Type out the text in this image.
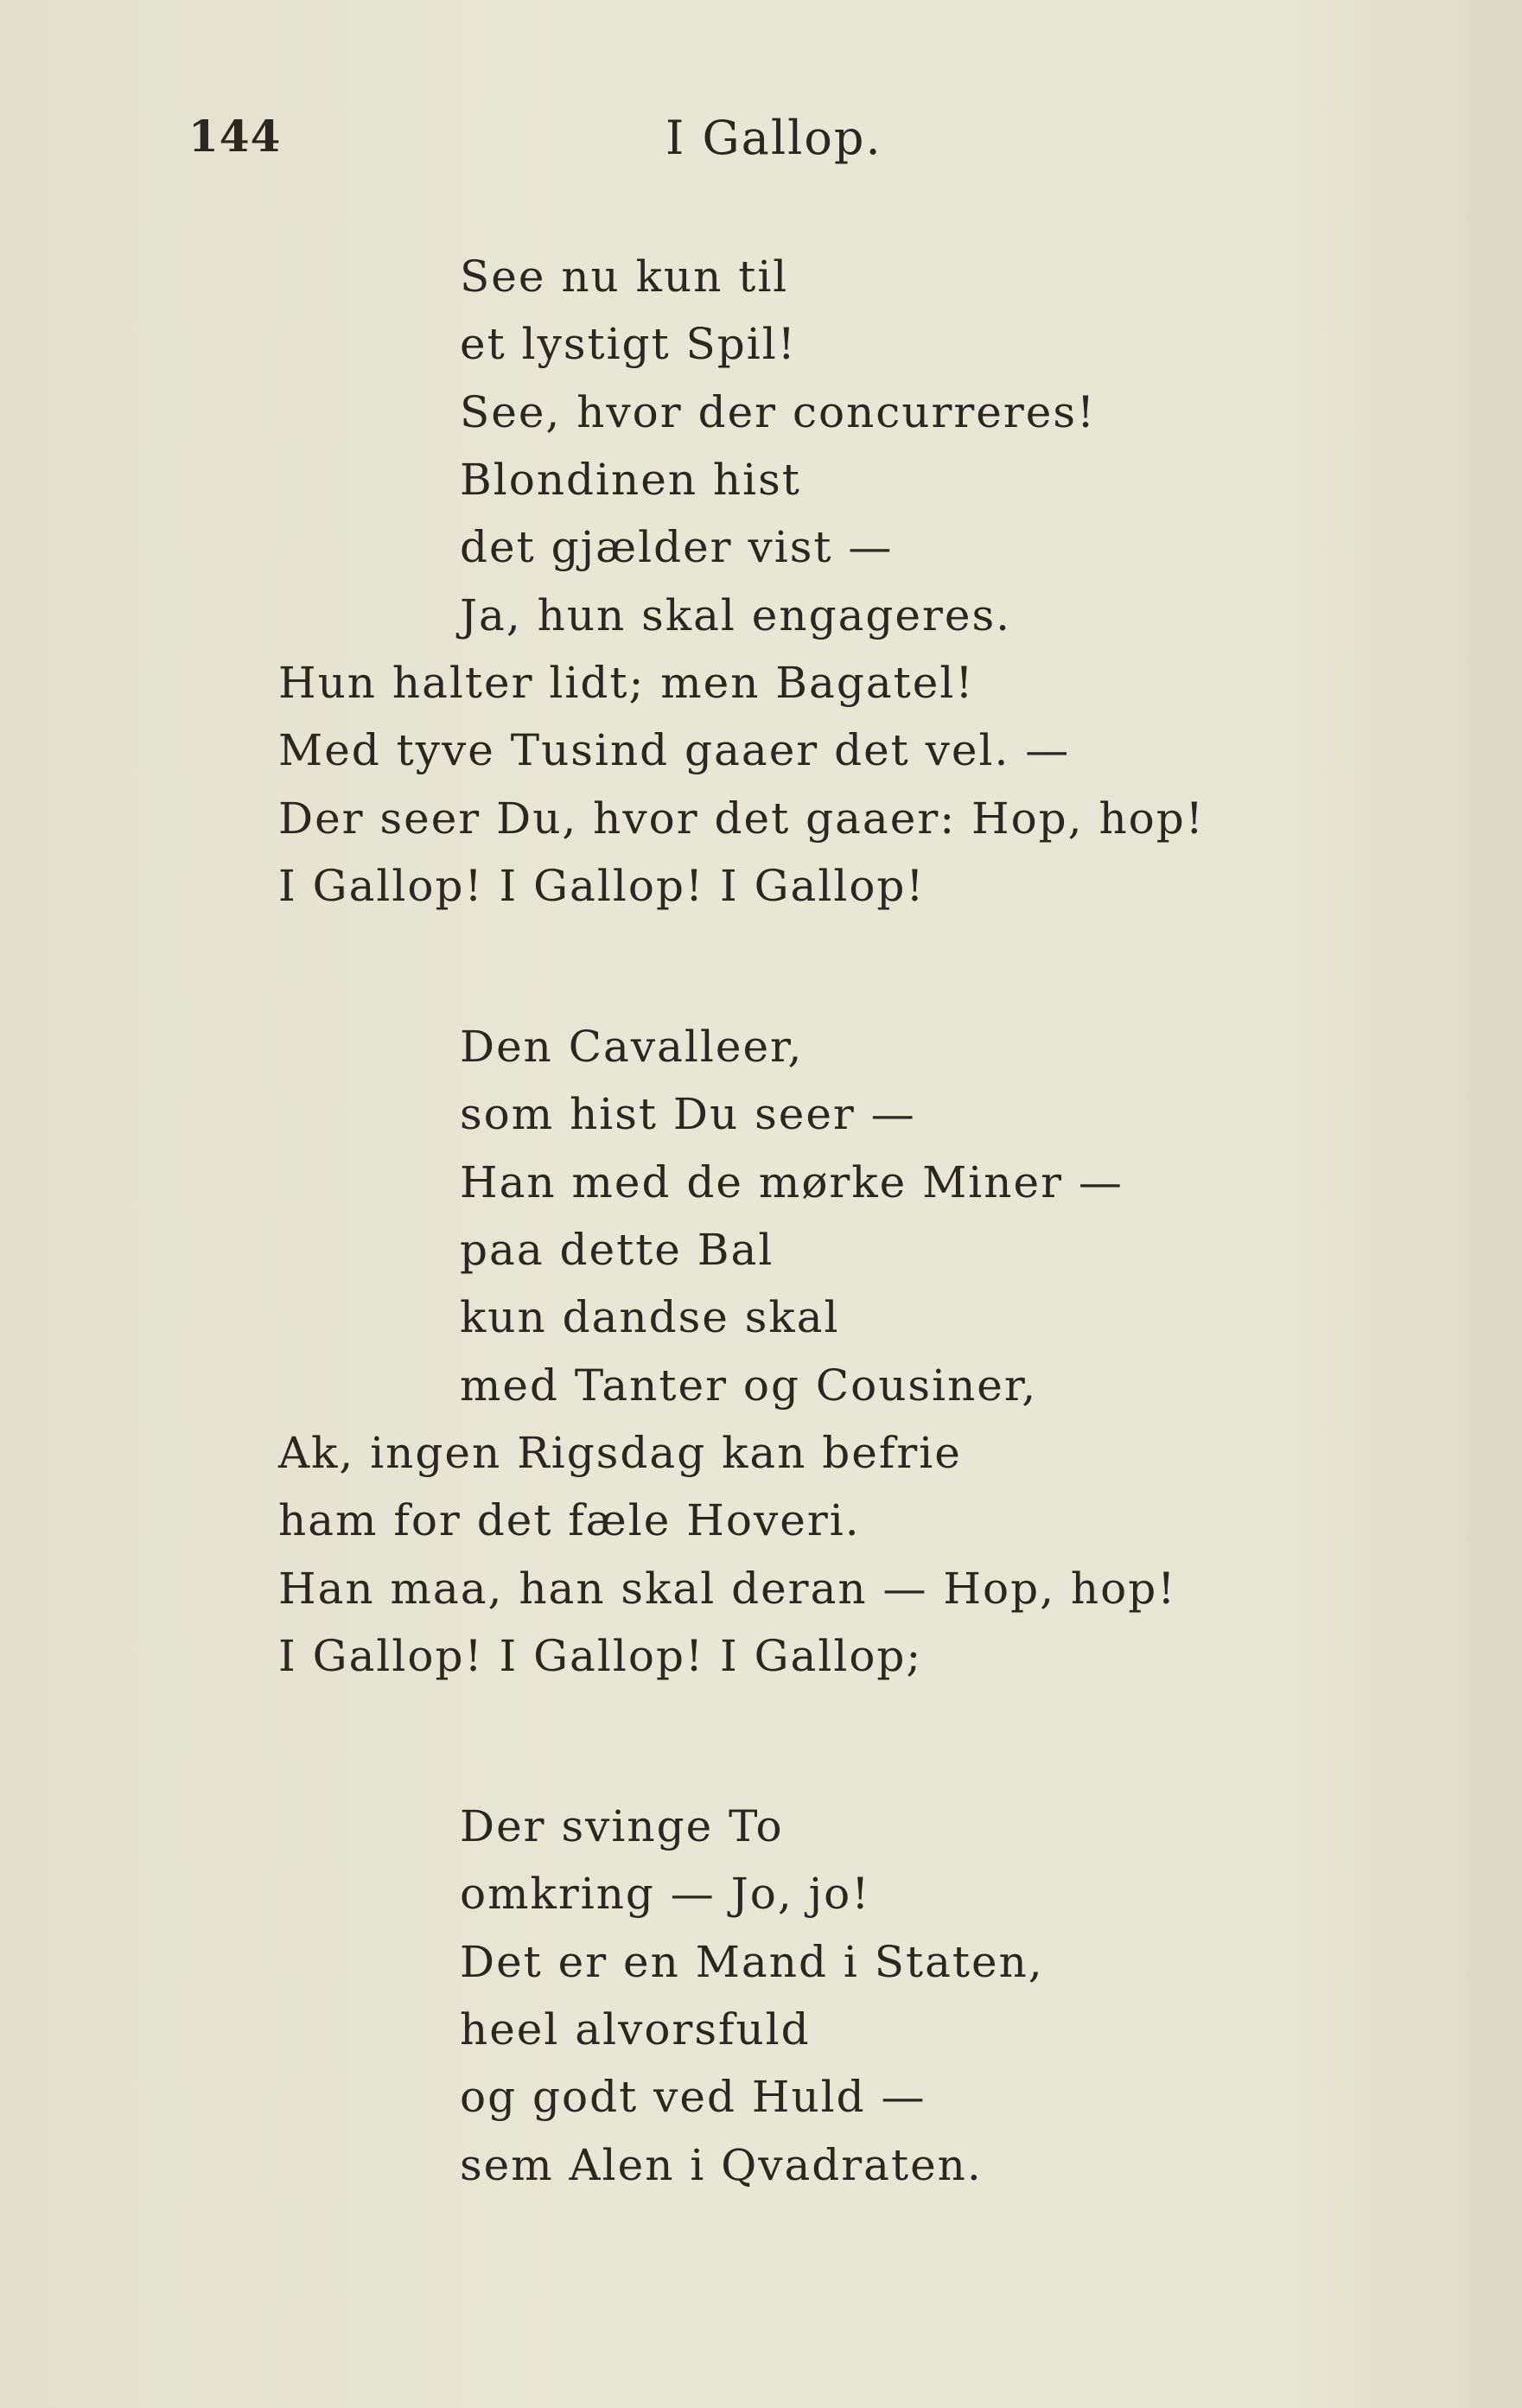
144	I Gallop.
See nu kun til
et lystigt Spil!
See, hvor der concurreres!
Blondinen hist
det gjælder vist —
Ja, hun skal engageres.
Hun halter lidt; men Bagatel!
Med tyve Tusind gaaer det vel. —
Der seer Du, hvor det gaaer: Hop, hop!
I Gallop! I Gallop! I Gallop!
Den Cavalleer,
som hist Du seer —
Han med de mørke Miner —
paa dette Bal
kun dandse skal
med Tanter og Cousiner,
Ak, ingen Rigsdag kan befrie
ham for det fæle Hoveri.
Han maa, han skal deran — Hop, hop!
I Gallop! I Gallop! I Gallop;
Der svinge To
omkring — Jo, jo!
Det er en Mand i Staten,
heel alvorsfuld
og godt ved Huld —
sem Alen i Qvadraten.
